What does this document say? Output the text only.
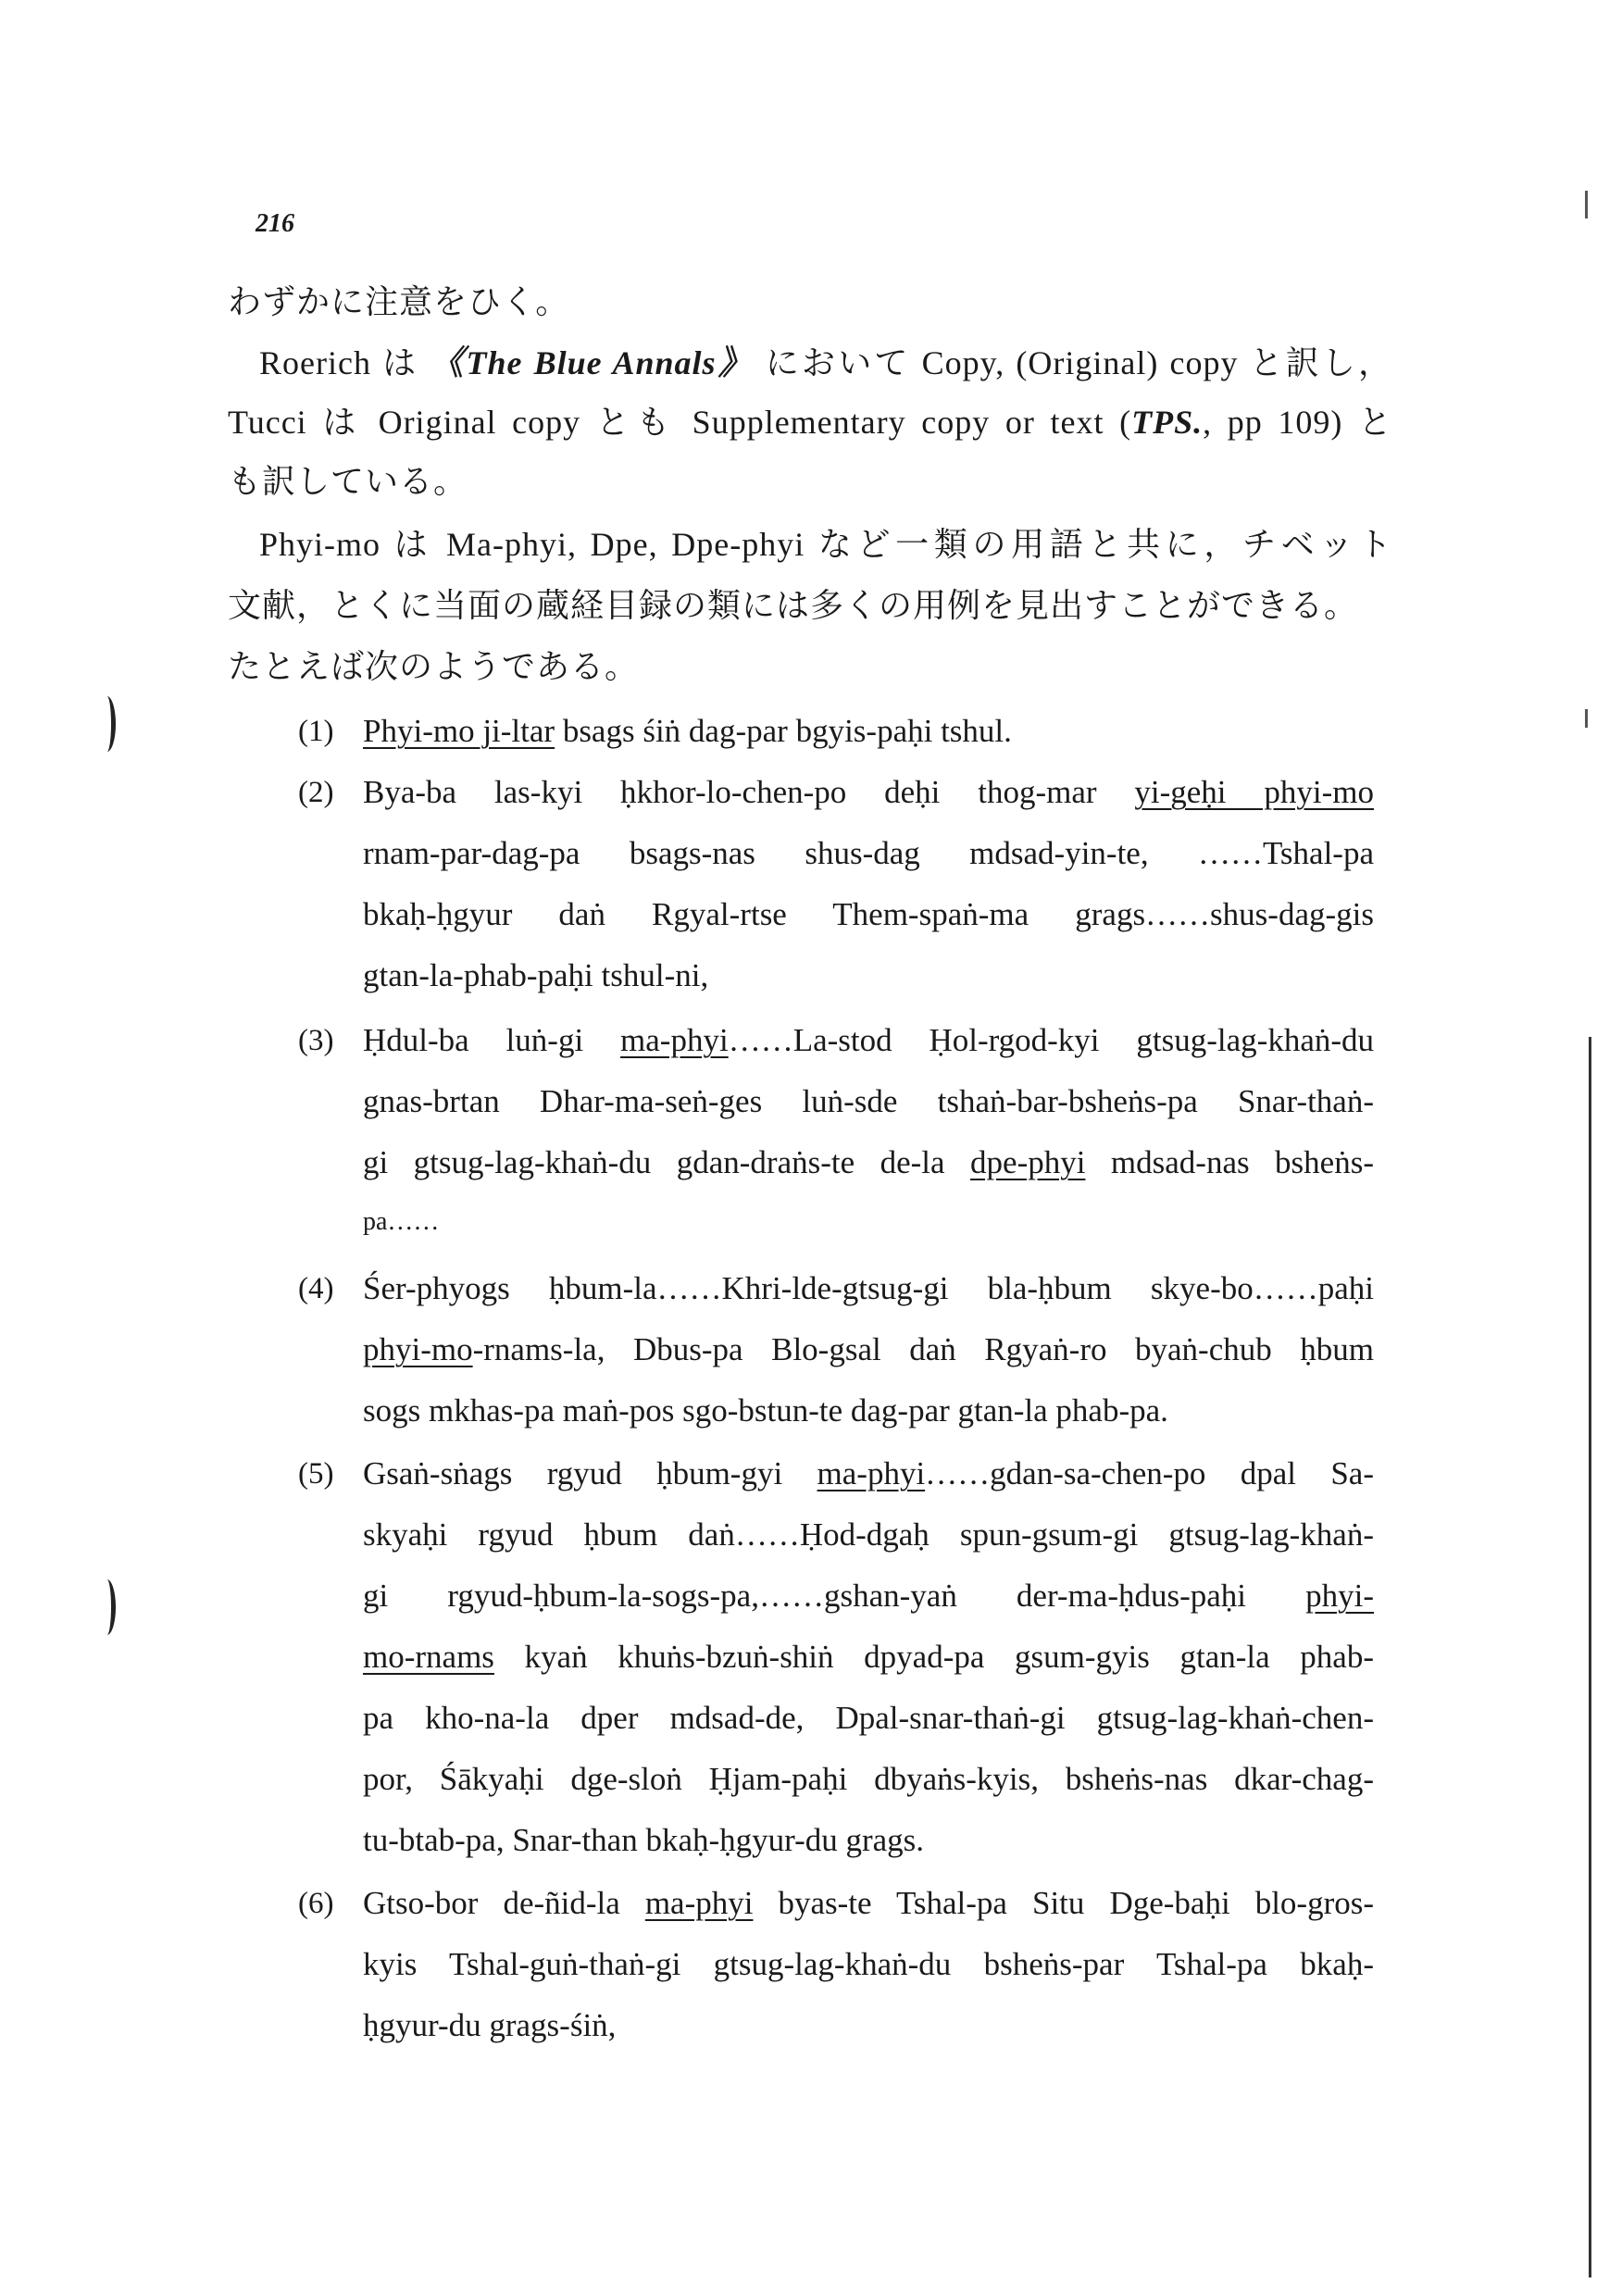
216
わずかに注意をひく。
Roerich は 《The Blue Annals》 において Copy, (Original) copy と訳し，
Tucci は Original copy とも Supplementary copy or text (TPS., pp 109) と
も訳している。
Phyi-mo は Ma-phyi, Dpe, Dpe-phyi など一類の用語と共に，チベット
文献，とくに当面の蔵経目録の類には多くの用例を見出すことができる。
たとえば次のようである。
(1) Phyi-mo ji-ltar bsags śiṅ dag-par bgyis-paḥi tshul.
(2) Bya-ba las-kyi ḥkhor-lo-chen-po deḥi thog-mar yi-geḥi phyi-mo
rnam-par-dag-pa bsags-nas shus-dag mdsad-yin-te, ……Tshal-pa
bkaḥ-ḥgyur daṅ Rgyal-rtse Them-spaṅ-ma grags……shus-dag-gis
gtan-la-phab-paḥi tshul-ni,
(3) Ḥdul-ba luṅ-gi ma-phyi……La-stod Ḥol-rgod-kyi gtsug-lag-khaṅ-du
gnas-brtan Dhar-ma-seṅ-ges luṅ-sde tshaṅ-bar-bsheṅs-pa Snar-thaṅ-
gi gtsug-lag-khaṅ-du gdan-draṅs-te de-la dpe-phyi mdsad-nas bsheṅs-
pa……
(4) Śer-phyogs ḥbum-la……Khri-lde-gtsug-gi bla-ḥbum skye-bo……paḥi
phyi-mo-rnams-la, Dbus-pa Blo-gsal daṅ Rgyaṅ-ro byaṅ-chub ḥbum
sogs mkhas-pa maṅ-pos sgo-bstun-te dag-par gtan-la phab-pa.
(5) Gsaṅ-sṅags rgyud ḥbum-gyi ma-phyi……gdan-sa-chen-po dpal Sa-
skyaḥi rgyud ḥbum daṅ……Ḥod-dgaḥ spun-gsum-gi gtsug-lag-khaṅ-
gi rgyud-ḥbum-la-sogs-pa,……gshan-yaṅ der-ma-ḥdus-paḥi phyi-
mo-rnams kyaṅ khuṅs-bzuṅ-shiṅ dpyad-pa gsum-gyis gtan-la phab-
pa kho-na-la dper mdsad-de, Dpal-snar-thaṅ-gi gtsug-lag-khaṅ-chen-
por, Śākyaḥi dge-sloṅ Ḥjam-paḥi dbyaṅs-kyis, bsheṅs-nas dkar-chag-
tu-btab-pa, Snar-than bkaḥ-ḥgyur-du grags.
(6) Gtso-bor de-ñid-la ma-phyi byas-te Tshal-pa Situ Dge-baḥi blo-gros-
kyis Tshal-guṅ-thaṅ-gi gtsug-lag-khaṅ-du bsheṅs-par Tshal-pa bkaḥ-
ḥgyur-du grags-śiṅ,
